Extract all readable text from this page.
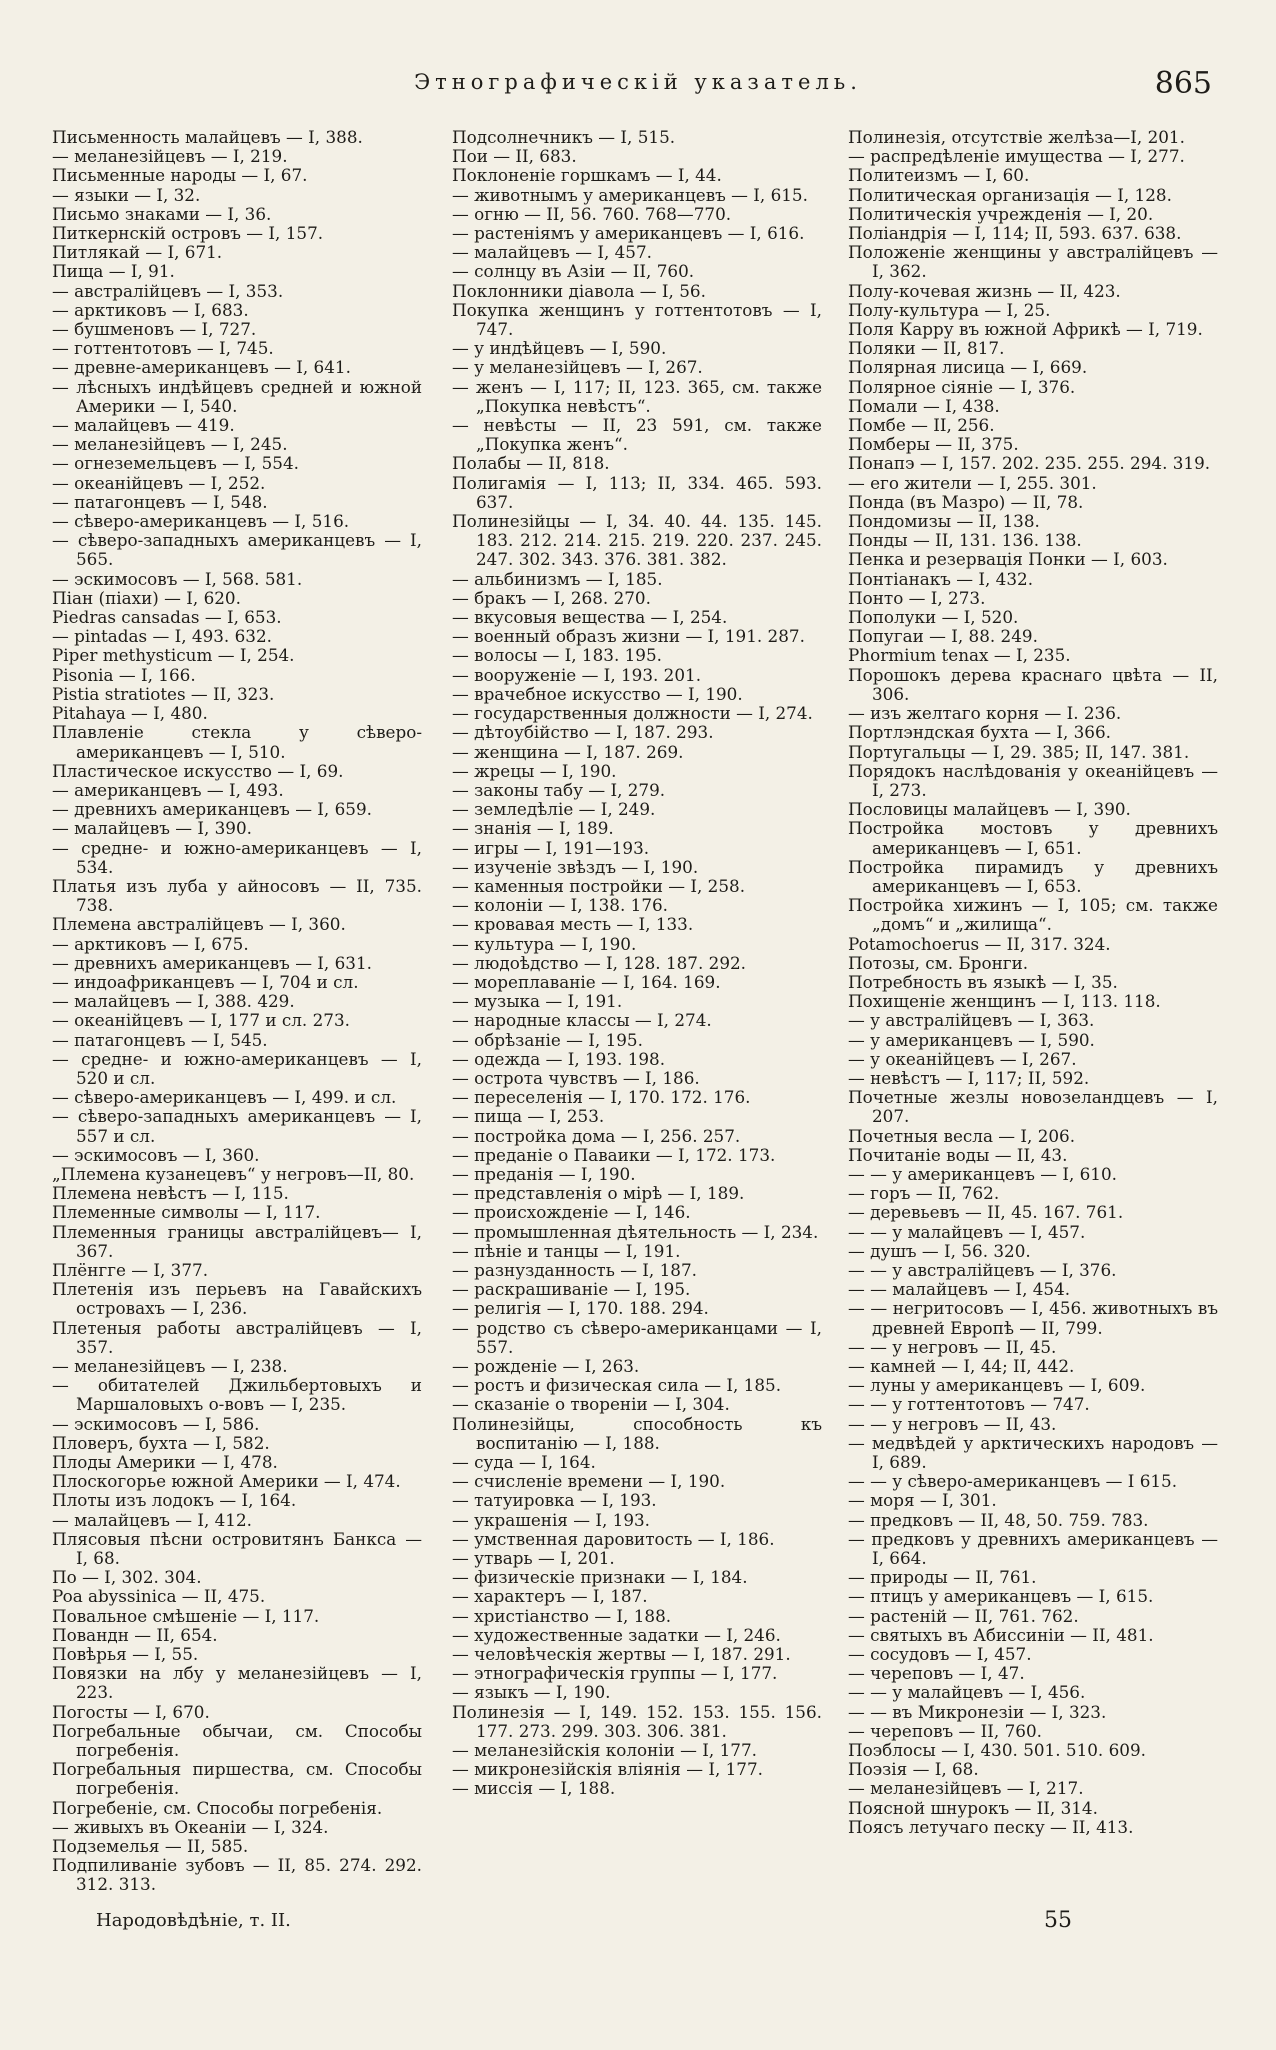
Этнографическій указатель.	865

Письменность малайцевъ — I, 388.

— меланезійцевъ — I, 219.

Письменные народы — I, 67.

— языки — I, 32.

Письмо знаками — I, 36.

Питкернскій островъ — I, 157.

Питлякай — I, 671.

Пища — I, 91.

— австралійцевъ — I, 353.

— арктиковъ — I, 683.

— бушменовъ — I, 727.

— готтентотовъ — I, 745.

— древне-американцевъ — I, 641.

— лѣсныхъ индѣйцевъ средней и южной Америки — I, 540.

— малайцевъ — 419.

— меланезійцевъ — I, 245.

— огнеземельцевъ — I, 554.

— океанійцевъ — I, 252.

— патагонцевъ — I, 548.

— сѣверо-американцевъ — I, 516.

— сѣверо-западныхъ американцевъ — I, 565.

— эскимосовъ — I, 568. 581.

Піан (піахи) — I, 620.

Piedras cansadas — I, 653.

— pintadas — I, 493. 632.

Piper methysticum — I, 254.

Pisonia — I, 166.

Pistia stratiotes — II, 323.

Pitahaya — I, 480.

Плавленіе стекла у сѣверо-американцевъ — I, 510.

Пластическое искусство — I, 69.

— американцевъ — I, 493.

— древнихъ американцевъ — I, 659.

— малайцевъ — I, 390.

— средне- и южно-американцевъ — I, 534.

Платья изъ луба у айносовъ — II, 735. 738.

Племена австралійцевъ — I, 360.

— арктиковъ — I, 675.

— древнихъ американцевъ — I, 631.

— индоафриканцевъ — I, 704 и сл.

— малайцевъ — I, 388. 429.

— океанійцевъ — I, 177 и сл. 273.

— патагонцевъ — I, 545.

— средне- и южно-американцевъ — I, 520 и сл.

— сѣверо-американцевъ — I, 499. и сл.

— сѣверо-западныхъ американцевъ — I, 557 и сл.

— эскимосовъ — I, 360.

„Племена кузанецевъ“ у негровъ—II, 80.

Племена невѣстъ — I, 115.

Племенные символы — I, 117.

Племенныя границы австралійцевъ— I, 367.

Плёнгге — I, 377.

Плетенія изъ перьевъ на Гавайскихъ островахъ — I, 236.

Плетеныя работы австралійцевъ — I, 357.

— меланезійцевъ — I, 238.

— обитателей Джильбертовыхъ и Маршаловыхъ о-вовъ — I, 235.

— эскимосовъ — I, 586.

Пловеръ, бухта — I, 582.

Плоды Америки — I, 478.

Плоскогорье южной Америки — I, 474.

Плоты изъ лодокъ — I, 164.

— малайцевъ — I, 412.

Плясовыя пѣсни островитянъ Банкса — I, 68.

По — I, 302. 304.

Poa abyssinica — II, 475.

Повальное смѣшеніе — I, 117.

Повандн — II, 654.

Повѣрья — I, 55.

Повязки на лбу у меланезійцевъ — I, 223.

Погосты — I, 670.

Погребальные обычаи, см. Способы погребенія.

Погребальныя пиршества, см. Способы погребенія.

Погребеніе, см. Способы погребенія.

— живыхъ въ Океаніи — I, 324.

Подземелья — II, 585.

Подпиливаніе зубовъ — II, 85. 274. 292. 312. 313.

Подсолнечникъ — I, 515.

Пои — II, 683.

Поклоненіе горшкамъ — I, 44.

— животнымъ у американцевъ — I, 615.

— огню — II, 56. 760. 768—770.

— растеніямъ у американцевъ — I, 616.

— малайцевъ — I, 457.

— солнцу въ Азіи — II, 760.

Поклонники діавола — I, 56.

Покупка женщинъ у готтентотовъ — I, 747.

— у индѣйцевъ — I, 590.

— у меланезійцевъ — I, 267.

— женъ — I, 117; II, 123. 365, см. также „Покупка невѣстъ“.

— невѣсты — II, 23 591, см. также „Покупка женъ“.

Полабы — II, 818.

Полигамія — I, 113; II, 334. 465. 593. 637.

Полинезійцы — I, 34. 40. 44. 135. 145. 183. 212. 214. 215. 219. 220. 237. 245. 247. 302. 343. 376. 381. 382.

— альбинизмъ — I, 185.

— бракъ — I, 268. 270.

— вкусовыя вещества — I, 254.

— военный образъ жизни — I, 191. 287.

— волосы — I, 183. 195.

— вооруженіе — I, 193. 201.

— врачебное искусство — I, 190.

— государственныя должности — I, 274.

— дѣтоубійство — I, 187. 293.

— женщина — I, 187. 269.

— жрецы — I, 190.

— законы табу — I, 279.

— земледѣліе — I, 249.

— знанія — I, 189.

— игры — I, 191—193.

— изученіе звѣздъ — I, 190.

— каменныя постройки — I, 258.

— колоніи — I, 138. 176.

— кровавая месть — I, 133.

— культура — I, 190.

— людоѣдство — I, 128. 187. 292.

— мореплаваніе — I, 164. 169.

— музыка — I, 191.

— народные классы — I, 274.

— обрѣзаніе — I, 195.

— одежда — I, 193. 198.

— острота чувствъ — I, 186.

— переселенія — I, 170. 172. 176.

— пища — I, 253.

— постройка дома — I, 256. 257.

— преданіе о Паваики — I, 172. 173.

— преданія — I, 190.

— представленія о мірѣ — I, 189.

— происхожденіе — I, 146.

— промышленная дѣятельность — I, 234.

— пѣніе и танцы — I, 191.

— разнузданность — I, 187.

— раскрашиваніе — I, 195.

— религія — I, 170. 188. 294.

— родство съ сѣверо-американцами — I, 557.

— рожденіе — I, 263.

— ростъ и физическая сила — I, 185.

— сказаніе о твореніи — I, 304.

Полинезійцы, способность къ воспитанію — I, 188.

— суда — I, 164.

— счисленіе времени — I, 190.

— татуировка — I, 193.

— украшенія — I, 193.

— умственная даровитость — I, 186.

— утварь — I, 201.

— физическіе признаки — I, 184.

— характеръ — I, 187.

— христіанство — I, 188.

— художественные задатки — I, 246.

— человѣческія жертвы — I, 187. 291.

— этнографическія группы — I, 177.

— языкъ — I, 190.

Полинезія — I, 149. 152. 153. 155. 156. 177. 273. 299. 303. 306. 381.

— меланезійскія колоніи — I, 177.

— микронезійскія вліянія — I, 177.

— миссія — I, 188.

Полинезія, отсутствіе желѣза—I, 201.

— распредѣленіе имущества — I, 277.

Политеизмъ — I, 60.

Политическая организація — I, 128.

Политическія учрежденія — I, 20.

Поліандрія — I, 114; II, 593. 637. 638.

Положеніе женщины у австралійцевъ — I, 362.

Полу-кочевая жизнь — II, 423.

Полу-культура — I, 25.

Поля Карру въ южной Африкѣ — I, 719.

Поляки — II, 817.

Полярная лисица — I, 669.

Полярное сіяніе — I, 376.

Помали — I, 438.

Помбе — II, 256.

Помберы — II, 375.

Понапэ — I, 157. 202. 235. 255. 294. 319.

— его жители — I, 255. 301.

Понда (въ Мазро) — II, 78.

Пондомизы — II, 138.

Понды — II, 131. 136. 138.

Пенка и резервація Понки — I, 603.

Понтіанакъ — I, 432.

Понто — I, 273.

Пополуки — I, 520.

Попугаи — I, 88. 249.

Phormium tenax — I, 235.

Порошокъ дерева краснаго цвѣта — II, 306.

— изъ желтаго корня — I. 236.

Портлэндская бухта — I, 366.

Португальцы — I, 29. 385; II, 147. 381.

Порядокъ наслѣдованія у океанійцевъ — I, 273.

Пословицы малайцевъ — I, 390.

Постройка мостовъ у древнихъ американцевъ — I, 651.

Постройка пирамидъ у древнихъ американцевъ — I, 653.

Постройка хижинъ — I, 105; см. также „домъ“ и „жилища“.

Potamochoerus — II, 317. 324.

Потозы, см. Бронги.

Потребность въ языкѣ — I, 35.

Похищеніе женщинъ — I, 113. 118.

— у австралійцевъ — I, 363.

— у американцевъ — I, 590.

— у океанійцевъ — I, 267.

— невѣстъ — I, 117; II, 592.

Почетные жезлы новозеландцевъ — I, 207.

Почетныя весла — I, 206.

Почитаніе воды — II, 43.

— — у американцевъ — I, 610.

— горъ — II, 762.

— деревьевъ — II, 45. 167. 761.

— — у малайцевъ — I, 457.

— душъ — I, 56. 320.

— — у австралійцевъ — I, 376.

— — малайцевъ — I, 454.

— — негритосовъ — I, 456. животныхъ въ древней Европѣ — II, 799.

— — у негровъ — II, 45.

— камней — I, 44; II, 442.

— луны у американцевъ — I, 609.

— — у готтентотовъ — 747.

— — у негровъ — II, 43.

— медвѣдей у арктическихъ народовъ — I, 689.

— — у сѣверо-американцевъ — I 615.

— моря — I, 301.

— предковъ — II, 48, 50. 759. 783.

— предковъ у древнихъ американцевъ — I, 664.

— природы — II, 761.

— птицъ у американцевъ — I, 615.

— растеній — II, 761. 762.

— святыхъ въ Абиссиніи — II, 481.

— сосудовъ — I, 457.

— череповъ — I, 47.

— — у малайцевъ — I, 456.

— — въ Микронезіи — I, 323.

— череповъ — II, 760.

Поэблосы — I, 430. 501. 510. 609.

Поэзія — I, 68.

— меланезійцевъ — I, 217.

Поясной шнурокъ — II, 314.

Поясъ летучаго песку — II, 413.

Народовѣдѣніе, т. II.	55
